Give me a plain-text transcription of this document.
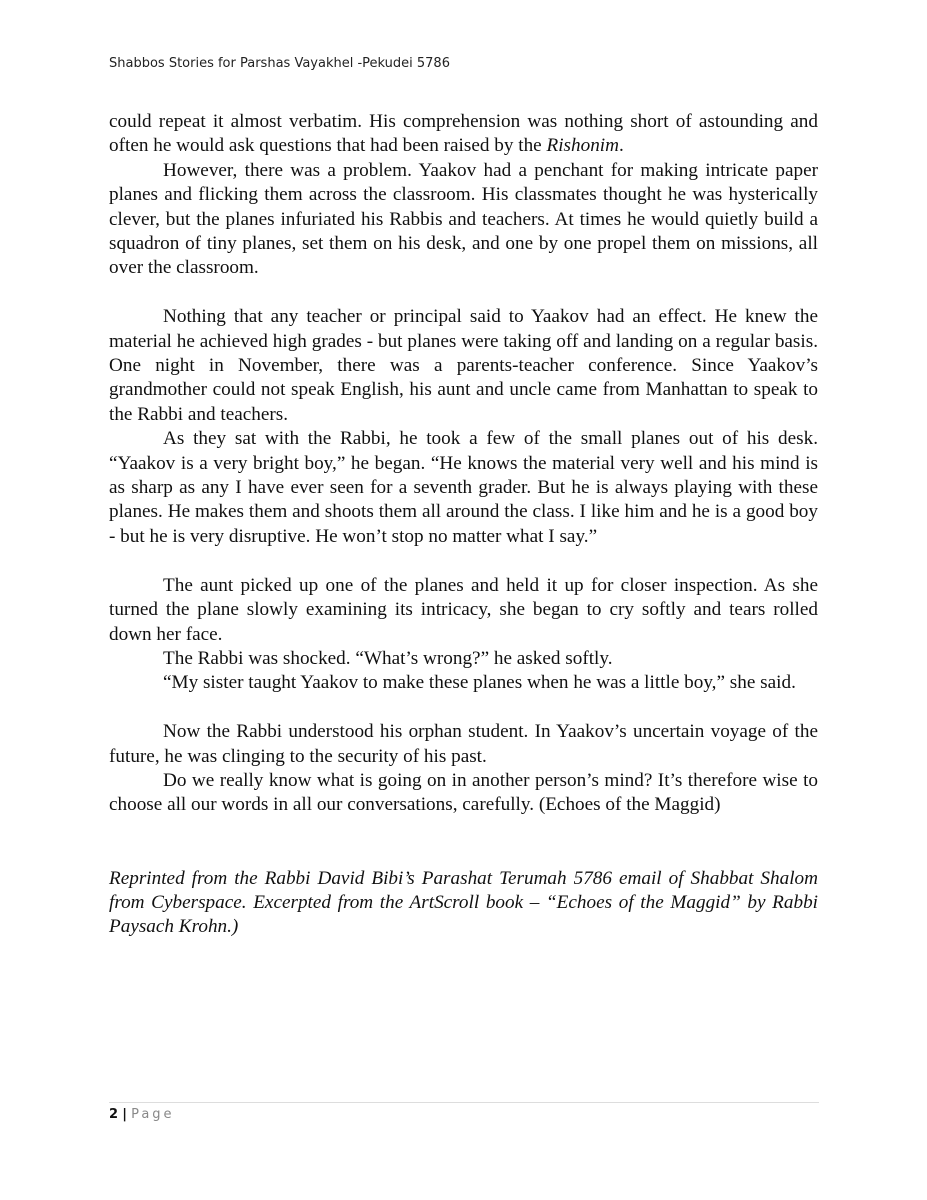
Shabbos Stories for Parshas Vayakhel -Pekudei 5786

could repeat it almost verbatim. His comprehension was nothing short of astounding and often he would ask questions that had been raised by the Rishonim.

However, there was a problem. Yaakov had a penchant for making intricate paper planes and flicking them across the classroom. His classmates thought he was hysterically clever, but the planes infuriated his Rabbis and teachers. At times he would quietly build a squadron of tiny planes, set them on his desk, and one by one propel them on missions, all over the classroom.

Nothing that any teacher or principal said to Yaakov had an effect. He knew the material he achieved high grades - but planes were taking off and landing on a regular basis. One night in November, there was a parents-teacher conference. Since Yaakov’s grandmother could not speak English, his aunt and uncle came from Manhattan to speak to the Rabbi and teachers.

As they sat with the Rabbi, he took a few of the small planes out of his desk. “Yaakov is a very bright boy,” he began. “He knows the material very well and his mind is as sharp as any I have ever seen for a seventh grader. But he is always playing with these planes. He makes them and shoots them all around the class. I like him and he is a good boy - but he is very disruptive. He won’t stop no matter what I say.”

The aunt picked up one of the planes and held it up for closer inspection. As she turned the plane slowly examining its intricacy, she began to cry softly and tears rolled down her face.

The Rabbi was shocked. “What’s wrong?” he asked softly.

“My sister taught Yaakov to make these planes when he was a little boy,” she said.

Now the Rabbi understood his orphan student. In Yaakov’s uncertain voyage of the future, he was clinging to the security of his past.

Do we really know what is going on in another person’s mind? It’s therefore wise to choose all our words in all our conversations, carefully. (Echoes of the Maggid)

Reprinted from the Rabbi David Bibi’s Parashat Terumah 5786 email of Shabbat Shalom from Cyberspace. Excerpted from the ArtScroll book – “Echoes of the Maggid” by Rabbi Paysach Krohn.)

2 | Page
